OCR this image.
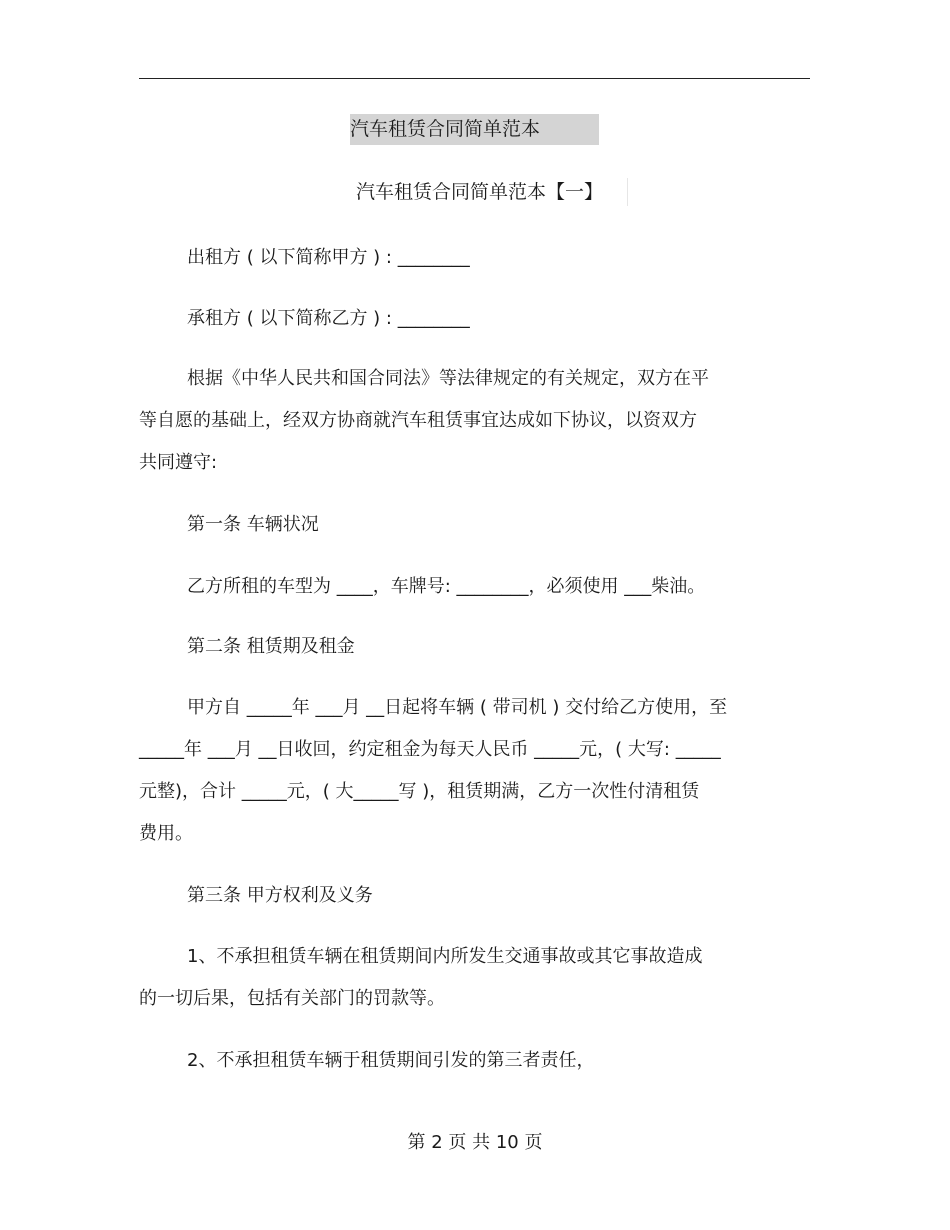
汽车租赁合同简单范本
汽车租赁合同简单范本【一】
出租方 ( 以下简称甲方 ) : ________
承租方 ( 以下简称乙方 ) : ________
根据《中华人民共和国合同法》等法律规定的有关规定，双方在平
等自愿的基础上，经双方协商就汽车租赁事宜达成如下协议，以资双方
共同遵守:
第一条 车辆状况
乙方所租的车型为 ____，车牌号: ________，必须使用 ___柴油。
第二条 租赁期及租金
甲方自 _____年 ___月 __日起将车辆 ( 带司机 ) 交付给乙方使用，至
_____年 ___月 __日收回，约定租金为每天人民币 _____元，( 大写: _____
元整)，合计 _____元，( 大_____写 )，租赁期满，乙方一次性付清租赁
费用。
第三条 甲方权利及义务
1、不承担租赁车辆在租赁期间内所发生交通事故或其它事故造成
的一切后果，包括有关部门的罚款等。
2、不承担租赁车辆于租赁期间引发的第三者责任，
第 2 页 共 10 页
